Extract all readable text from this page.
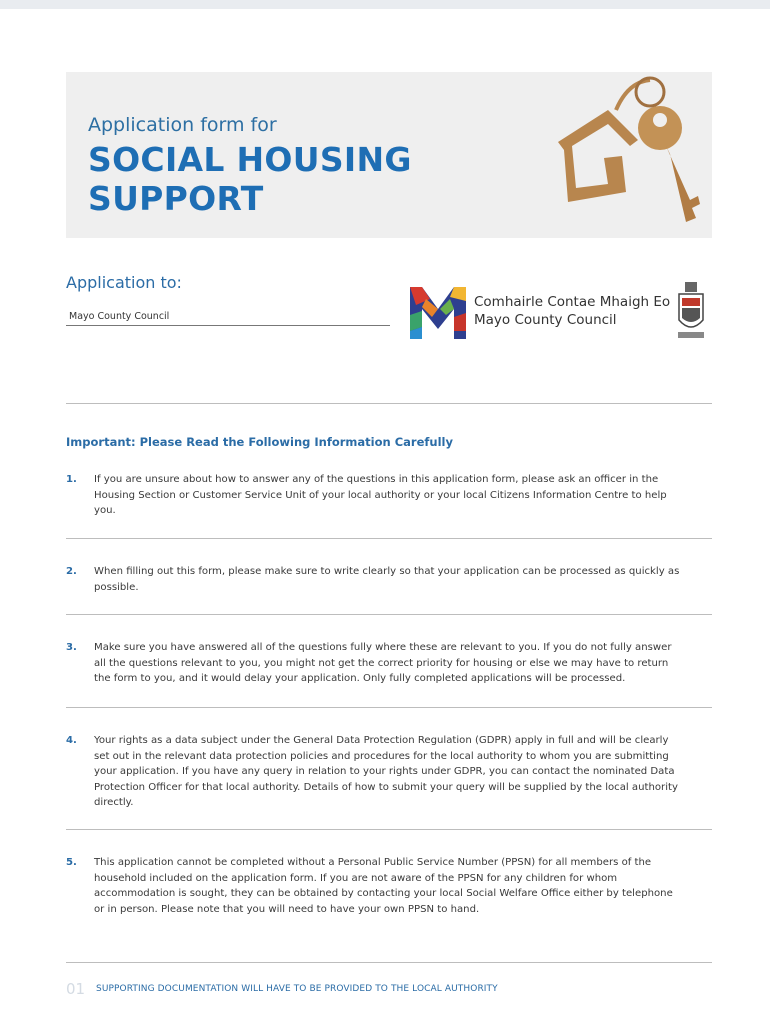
Application form for
SOCIAL HOUSING
SUPPORT
Application to:
Mayo County Council
Comhairle Contae Mhaigh Eo
Mayo County Council
Important: Please Read the Following Information Carefully
1. If you are unsure about how to answer any of the questions in this application form, please ask an officer in the Housing Section or Customer Service Unit of your local authority or your local Citizens Information Centre to help you.
2. When filling out this form, please make sure to write clearly so that your application can be processed as quickly as possible.
3. Make sure you have answered all of the questions fully where these are relevant to you. If you do not fully answer all the questions relevant to you, you might not get the correct priority for housing or else we may have to return the form to you, and it would delay your application. Only fully completed applications will be processed.
4. Your rights as a data subject under the General Data Protection Regulation (GDPR) apply in full and will be clearly set out in the relevant data protection policies and procedures for the local authority to whom you are submitting your application. If you have any query in relation to your rights under GDPR, you can contact the nominated Data Protection Officer for that local authority. Details of how to submit your query will be supplied by the local authority directly.
5. This application cannot be completed without a Personal Public Service Number (PPSN) for all members of the household included on the application form. If you are not aware of the PPSN for any children for whom accommodation is sought, they can be obtained by contacting your local Social Welfare Office either by telephone or in person. Please note that you will need to have your own PPSN to hand.
01 SUPPORTING DOCUMENTATION WILL HAVE TO BE PROVIDED TO THE LOCAL AUTHORITY
